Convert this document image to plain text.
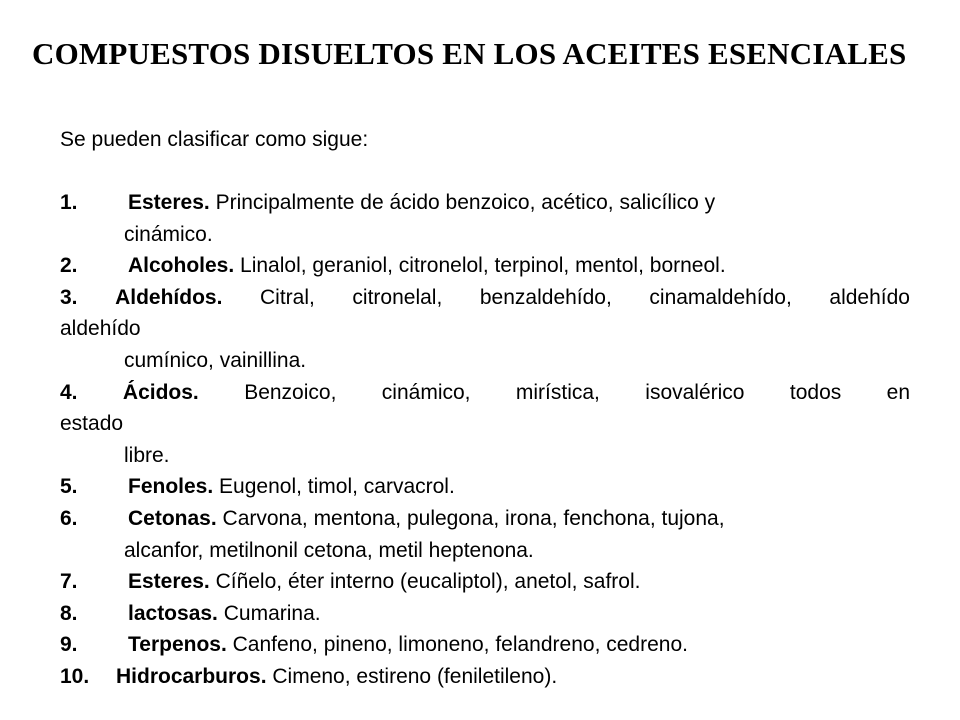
COMPUESTOS DISUELTOS EN LOS ACEITES ESENCIALES

Se pueden clasificar como sigue:

1. Esteres. Principalmente de ácido benzoico, acético, salicílico y

cinámico.

2. Alcoholes. Linalol, geraniol, citronelol, terpinol, mentol, borneol.

3. Aldehídos. Citral, citronelal, benzaldehído, cinamaldehído, aldehído

aldehído

cumínico, vainillina.

4. Ácidos. Benzoico, cinámico, mirística, isovalérico todos en

estado

libre.

5. Fenoles. Eugenol, timol, carvacrol.

6. Cetonas. Carvona, mentona, pulegona, irona, fenchona, tujona,

alcanfor, metilnonil cetona, metil heptenona.

7. Esteres. Cíñelo, éter interno (eucaliptol), anetol, safrol.

8. lactosas. Cumarina.

9. Terpenos. Canfeno, pineno, limoneno, felandreno, cedreno.

10. Hidrocarburos. Cimeno, estireno (feniletileno).
